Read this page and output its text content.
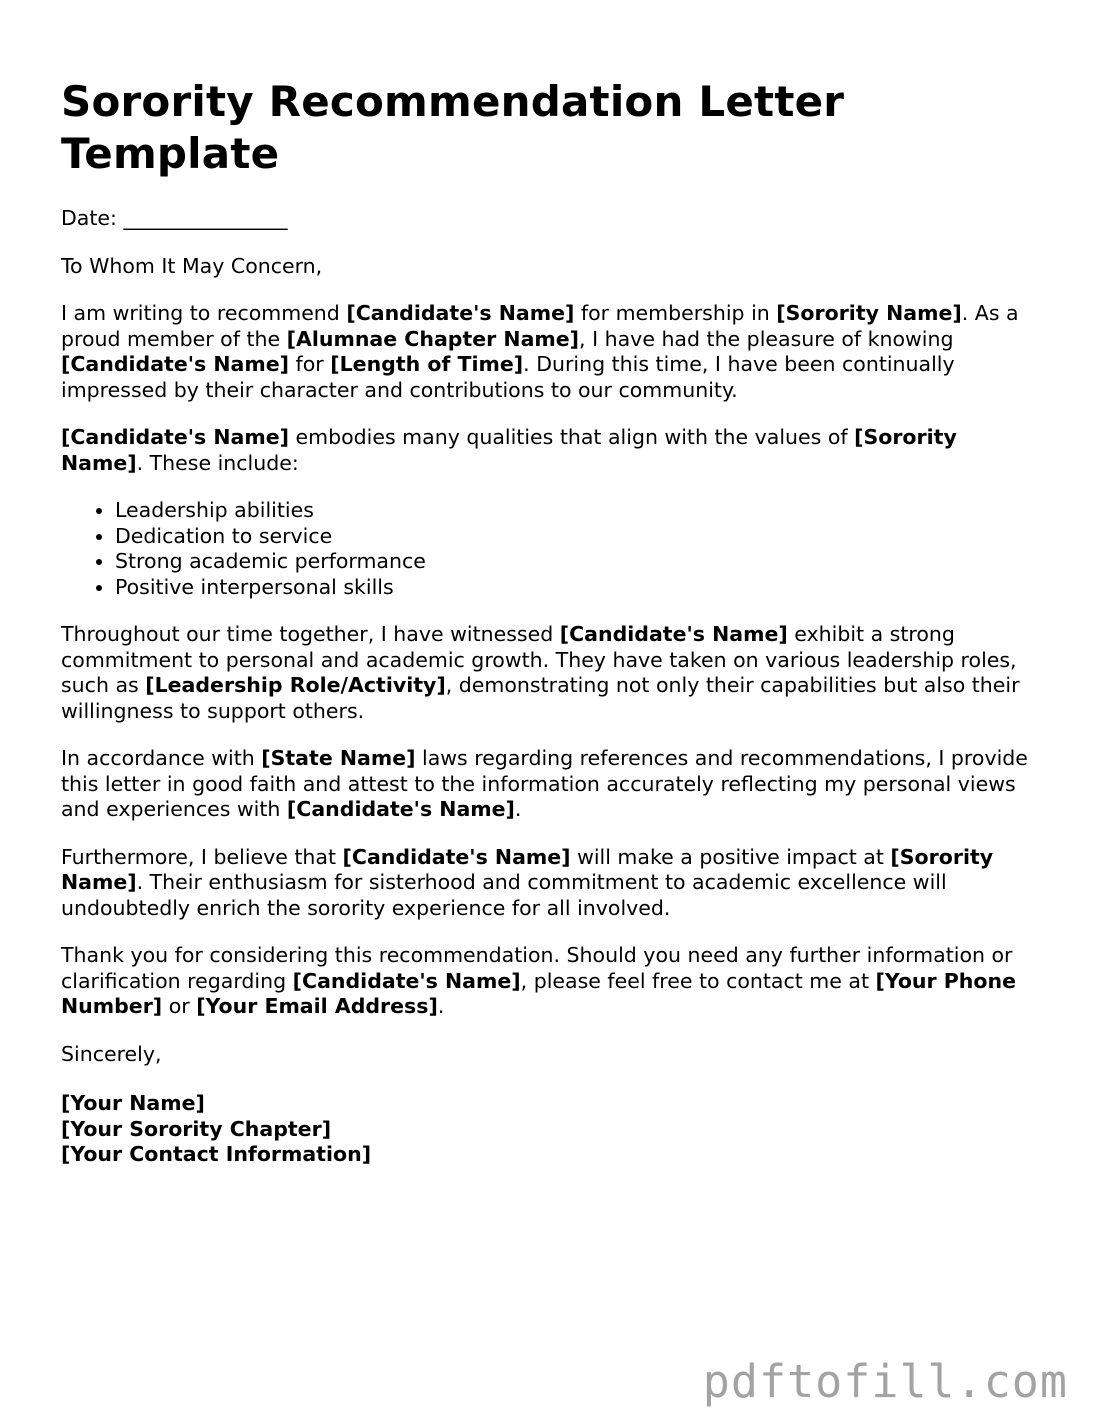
Sorority Recommendation Letter Template

Date: ________________

To Whom It May Concern,

I am writing to recommend [Candidate's Name] for membership in [Sorority Name]. As a proud member of the [Alumnae Chapter Name], I have had the pleasure of knowing [Candidate's Name] for [Length of Time]. During this time, I have been continually impressed by their character and contributions to our community.

[Candidate's Name] embodies many qualities that align with the values of [Sorority Name]. These include:

• Leadership abilities
• Dedication to service
• Strong academic performance
• Positive interpersonal skills

Throughout our time together, I have witnessed [Candidate's Name] exhibit a strong commitment to personal and academic growth. They have taken on various leadership roles, such as [Leadership Role/Activity], demonstrating not only their capabilities but also their willingness to support others.

In accordance with [State Name] laws regarding references and recommendations, I provide this letter in good faith and attest to the information accurately reflecting my personal views and experiences with [Candidate's Name].

Furthermore, I believe that [Candidate's Name] will make a positive impact at [Sorority Name]. Their enthusiasm for sisterhood and commitment to academic excellence will undoubtedly enrich the sorority experience for all involved.

Thank you for considering this recommendation. Should you need any further information or clarification regarding [Candidate's Name], please feel free to contact me at [Your Phone Number] or [Your Email Address].

Sincerely,

[Your Name]
[Your Sorority Chapter]
[Your Contact Information]
pdftofill.com
